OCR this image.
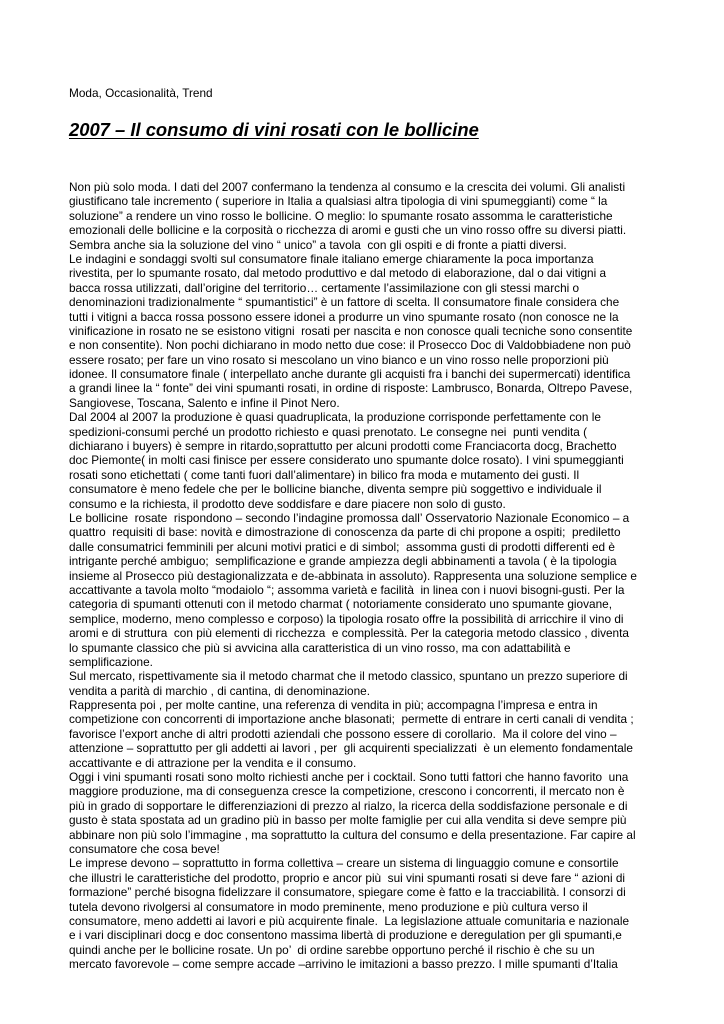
Moda, Occasionalità, Trend
2007 – Il consumo di vini rosati con le bollicine
Non più solo moda. I dati del 2007 confermano la tendenza al consumo e la crescita dei volumi. Gli analisti
giustificano tale incremento ( superiore in Italia a qualsiasi altra tipologia di vini spumeggianti) come “ la
soluzione” a rendere un vino rosso le bollicine. O meglio: lo spumante rosato assomma le caratteristiche
emozionali delle bollicine e la corposità o ricchezza di aromi e gusti che un vino rosso offre su diversi piatti.
Sembra anche sia la soluzione del vino “ unico” a tavola  con gli ospiti e di fronte a piatti diversi.
Le indagini e sondaggi svolti sul consumatore finale italiano emerge chiaramente la poca importanza
rivestita, per lo spumante rosato, dal metodo produttivo e dal metodo di elaborazione, dal o dai vitigni a
bacca rossa utilizzati, dall’origine del territorio… certamente l’assimilazione con gli stessi marchi o
denominazioni tradizionalmente “ spumantistici” è un fattore di scelta. Il consumatore finale considera che
tutti i vitigni a bacca rossa possono essere idonei a produrre un vino spumante rosato (non conosce ne la
vinificazione in rosato ne se esistono vitigni  rosati per nascita e non conosce quali tecniche sono consentite
e non consentite). Non pochi dichiarano in modo netto due cose: il Prosecco Doc di Valdobbiadene non può
essere rosato; per fare un vino rosato si mescolano un vino bianco e un vino rosso nelle proporzioni più
idonee. Il consumatore finale ( interpellato anche durante gli acquisti fra i banchi dei supermercati) identifica
a grandi linee la “ fonte” dei vini spumanti rosati, in ordine di risposte: Lambrusco, Bonarda, Oltrepo Pavese,
Sangiovese, Toscana, Salento e infine il Pinot Nero.
Dal 2004 al 2007 la produzione è quasi quadruplicata, la produzione corrisponde perfettamente con le
spedizioni-consumi perché un prodotto richiesto e quasi prenotato. Le consegne nei  punti vendita (
dichiarano i buyers) è sempre in ritardo,soprattutto per alcuni prodotti come Franciacorta docg, Brachetto
doc Piemonte( in molti casi finisce per essere considerato uno spumante dolce rosato). I vini spumeggianti
rosati sono etichettati ( come tanti fuori dall’alimentare) in bilico fra moda e mutamento dei gusti. Il
consumatore è meno fedele che per le bollicine bianche, diventa sempre più soggettivo e individuale il
consumo e la richiesta, il prodotto deve soddisfare e dare piacere non solo di gusto.
Le bollicine  rosate  rispondono – secondo l’indagine promossa dall’ Osservatorio Nazionale Economico – a
quattro  requisiti di base: novità e dimostrazione di conoscenza da parte di chi propone a ospiti;  prediletto
dalle consumatrici femminili per alcuni motivi pratici e di simbol;  assomma gusti di prodotti differenti ed è
intrigante perché ambiguo;  semplificazione e grande ampiezza degli abbinamenti a tavola ( è la tipologia
insieme al Prosecco più destagionalizzata e de-abbinata in assoluto). Rappresenta una soluzione semplice e
accattivante a tavola molto “modaiolo “; assomma varietà e facilità  in linea con i nuovi bisogni-gusti. Per la
categoria di spumanti ottenuti con il metodo charmat ( notoriamente considerato uno spumante giovane,
semplice, moderno, meno complesso e corposo) la tipologia rosato offre la possibilità di arricchire il vino di
aromi e di struttura  con più elementi di ricchezza  e complessità. Per la categoria metodo classico , diventa
lo spumante classico che più si avvicina alla caratteristica di un vino rosso, ma con adattabilità e
semplificazione.
Sul mercato, rispettivamente sia il metodo charmat che il metodo classico, spuntano un prezzo superiore di
vendita a parità di marchio , di cantina, di denominazione.
Rappresenta poi , per molte cantine, una referenza di vendita in più; accompagna l’impresa e entra in
competizione con concorrenti di importazione anche blasonati;  permette di entrare in certi canali di vendita ;
favorisce l’export anche di altri prodotti aziendali che possono essere di corollario.  Ma il colore del vino –
attenzione – soprattutto per gli addetti ai lavori , per  gli acquirenti specializzati  è un elemento fondamentale
accattivante e di attrazione per la vendita e il consumo.
Oggi i vini spumanti rosati sono molto richiesti anche per i cocktail. Sono tutti fattori che hanno favorito  una
maggiore produzione, ma di conseguenza cresce la competizione, crescono i concorrenti, il mercato non è
più in grado di sopportare le differenziazioni di prezzo al rialzo, la ricerca della soddisfazione personale e di
gusto è stata spostata ad un gradino più in basso per molte famiglie per cui alla vendita si deve sempre più
abbinare non più solo l’immagine , ma soprattutto la cultura del consumo e della presentazione. Far capire al
consumatore che cosa beve!
Le imprese devono – soprattutto in forma collettiva – creare un sistema di linguaggio comune e consortile
che illustri le caratteristiche del prodotto, proprio e ancor più  sui vini spumanti rosati si deve fare “ azioni di
formazione” perché bisogna fidelizzare il consumatore, spiegare come è fatto e la tracciabilità. I consorzi di
tutela devono rivolgersi al consumatore in modo preminente, meno produzione e più cultura verso il
consumatore, meno addetti ai lavori e più acquirente finale.  La legislazione attuale comunitaria e nazionale
e i vari disciplinari docg e doc consentono massima libertà di produzione e deregulation per gli spumanti,e
quindi anche per le bollicine rosate. Un po’  di ordine sarebbe opportuno perché il rischio è che su un
mercato favorevole – come sempre accade –arrivino le imitazioni a basso prezzo. I mille spumanti d’Italia
